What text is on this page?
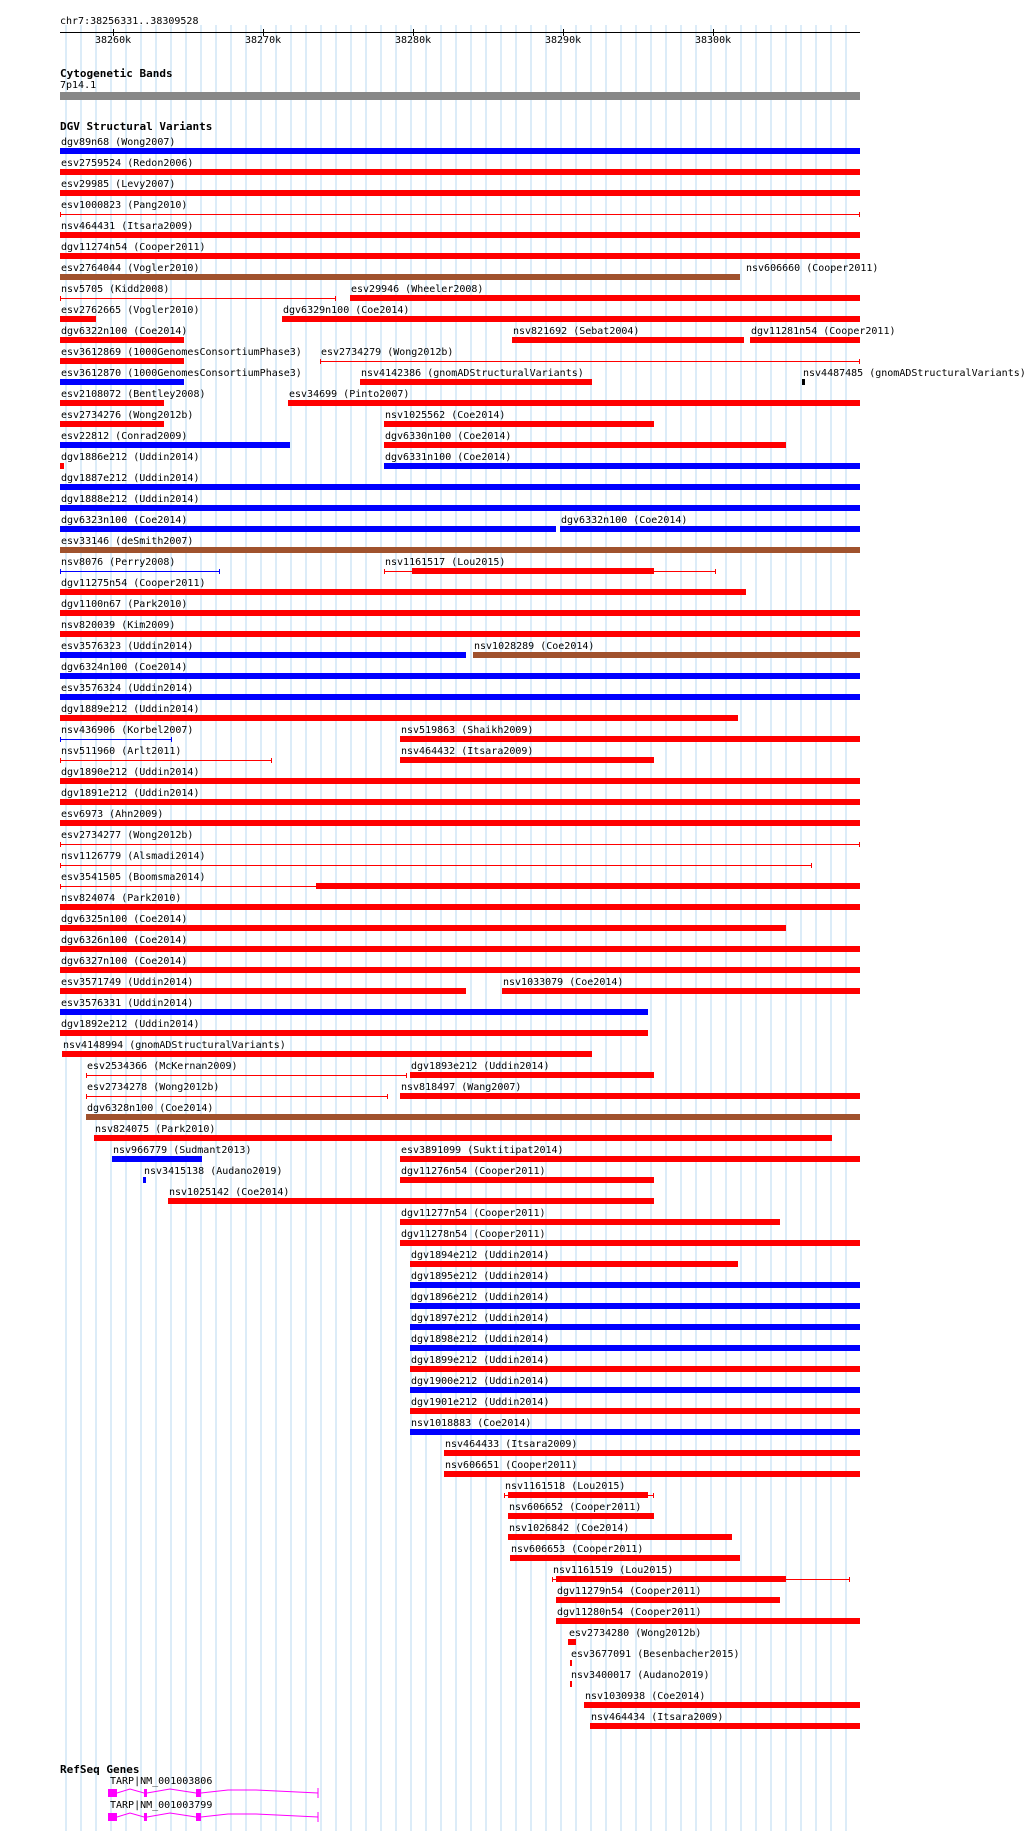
chr7:38256331..38309528
38260k	38270k	38280k	38290k	38300k
Cytogenetic Bands
7p14.1
DGV Structural Variants
dgv89n68 (Wong2007)
esv2759524 (Redon2006)
esv29985 (Levy2007)
esv1000823 (Pang2010)
nsv464431 (Itsara2009)
dgv11274n54 (Cooper2011)
esv2764044 (Vogler2010)	nsv606660 (Cooper2011)
nsv5705 (Kidd2008)	esv29946 (Wheeler2008)
esv2762665 (Vogler2010)	dgv6329n100 (Coe2014)
dgv6322n100 (Coe2014)	nsv821692 (Sebat2004)	dgv11281n54 (Cooper2011)
esv3612869 (1000GenomesConsortiumPhase3) esv2734279 (Wong2012b)
esv3612870 (1000GenomesConsortiumPhase3)	nsv4142386 (gnomADStructuralVariants)	nsv4487485 (gnomADStructuralVariants)
esv2108072 (Bentley2008)	esv34699 (Pinto2007)
esv2734276 (Wong2012b)	nsv1025562 (Coe2014)
esv22812 (Conrad2009)	dgv6330n100 (Coe2014)
dgv1886e212 (Uddin2014)	dgv6331n100 (Coe2014)
dgv1887e212 (Uddin2014)
dgv1888e212 (Uddin2014)
dgv6323n100 (Coe2014)	dgv6332n100 (Coe2014)
esv33146 (deSmith2007)
nsv8076 (Perry2008)	nsv1161517 (Lou2015)
dgv11275n54 (Cooper2011)
dgv1100n67 (Park2010)
nsv820039 (Kim2009)
esv3576323 (Uddin2014)	nsv1028289 (Coe2014)
dgv6324n100 (Coe2014)
esv3576324 (Uddin2014)
dgv1889e212 (Uddin2014)
nsv436906 (Korbel2007)	nsv519863 (Shaikh2009)
nsv511960 (Arlt2011)	nsv464432 (Itsara2009)
dgv1890e212 (Uddin2014)
dgv1891e212 (Uddin2014)
esv6973 (Ahn2009)
esv2734277 (Wong2012b)
nsv1126779 (Alsmadi2014)
esv3541505 (Boomsma2014)
nsv824074 (Park2010)
dgv6325n100 (Coe2014)
dgv6326n100 (Coe2014)
dgv6327n100 (Coe2014)
esv3571749 (Uddin2014)	nsv1033079 (Coe2014)
esv3576331 (Uddin2014)
dgv1892e212 (Uddin2014)
nsv4148994 (gnomADStructuralVariants)
esv2534366 (McKernan2009)	dgv1893e212 (Uddin2014)
esv2734278 (Wong2012b)	nsv818497 (Wang2007)
dgv6328n100 (Coe2014)
nsv824075 (Park2010)
nsv966779 (Sudmant2013)	esv3891099 (Suktitipat2014)
nsv3415138 (Audano2019)	dgv11276n54 (Cooper2011)
nsv1025142 (Coe2014)
dgv11277n54 (Cooper2011)
dgv11278n54 (Cooper2011)
dgv1894e212 (Uddin2014)
dgv1895e212 (Uddin2014)
dgv1896e212 (Uddin2014)
dgv1897e212 (Uddin2014)
dgv1898e212 (Uddin2014)
dgv1899e212 (Uddin2014)
dgv1900e212 (Uddin2014)
dgv1901e212 (Uddin2014)
nsv1018883 (Coe2014)
nsv464433 (Itsara2009)
nsv606651 (Cooper2011)
nsv1161518 (Lou2015)
nsv606652 (Cooper2011)
nsv1026842 (Coe2014)
nsv606653 (Cooper2011)
nsv1161519 (Lou2015)
dgv11279n54 (Cooper2011)
dgv11280n54 (Cooper2011)
esv2734280 (Wong2012b)
esv3677091 (Besenbacher2015)
nsv3400017 (Audano2019)
nsv1030938 (Coe2014)
nsv464434 (Itsara2009)
RefSeq Genes
TARP|NM_001003806
TARP|NM_001003799
